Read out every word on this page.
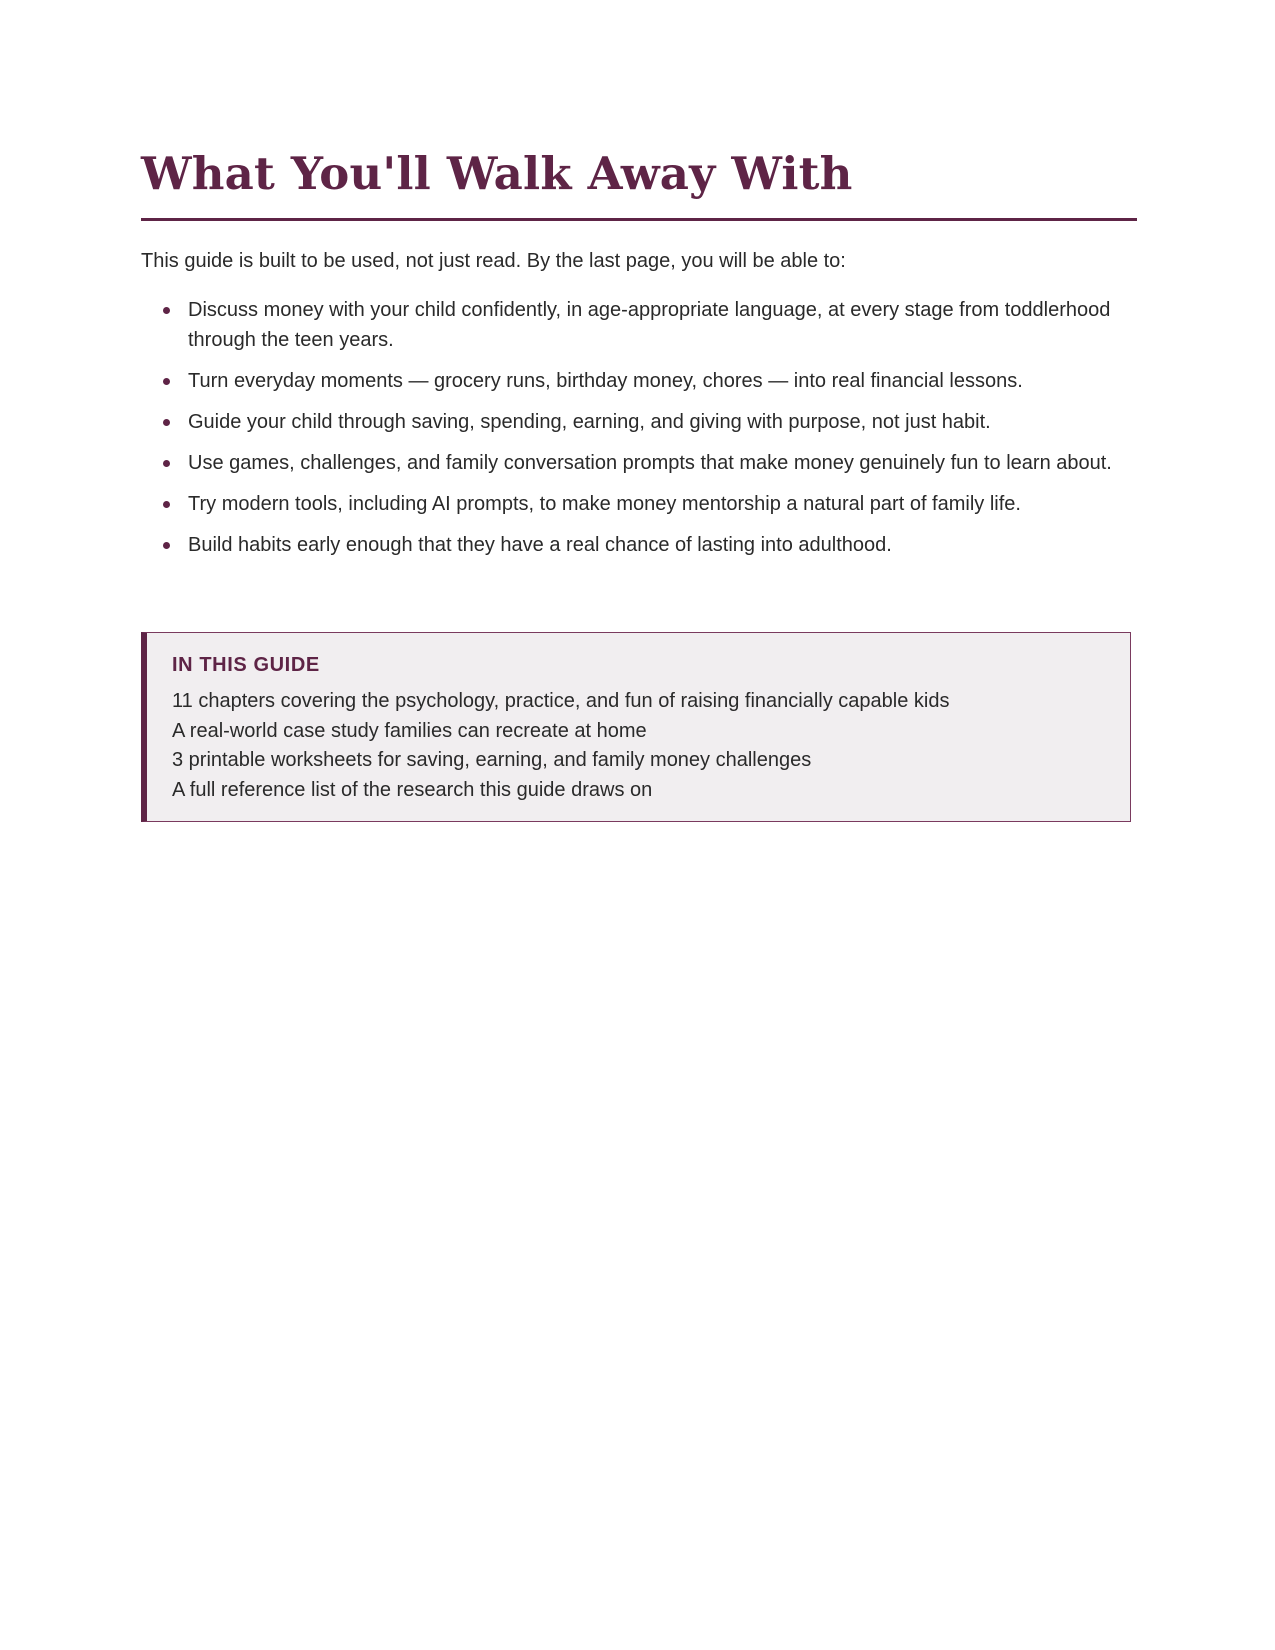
What You'll Walk Away With

This guide is built to be used, not just read. By the last page, you will be able to:

Discuss money with your child confidently, in age-appropriate language, at every stage from toddlerhood through the teen years.
Turn everyday moments — grocery runs, birthday money, chores — into real financial lessons.
Guide your child through saving, spending, earning, and giving with purpose, not just habit.
Use games, challenges, and family conversation prompts that make money genuinely fun to learn about.
Try modern tools, including AI prompts, to make money mentorship a natural part of family life.
Build habits early enough that they have a real chance of lasting into adulthood.
IN THIS GUIDE
11 chapters covering the psychology, practice, and fun of raising financially capable kids
A real-world case study families can recreate at home
3 printable worksheets for saving, earning, and family money challenges
A full reference list of the research this guide draws on
